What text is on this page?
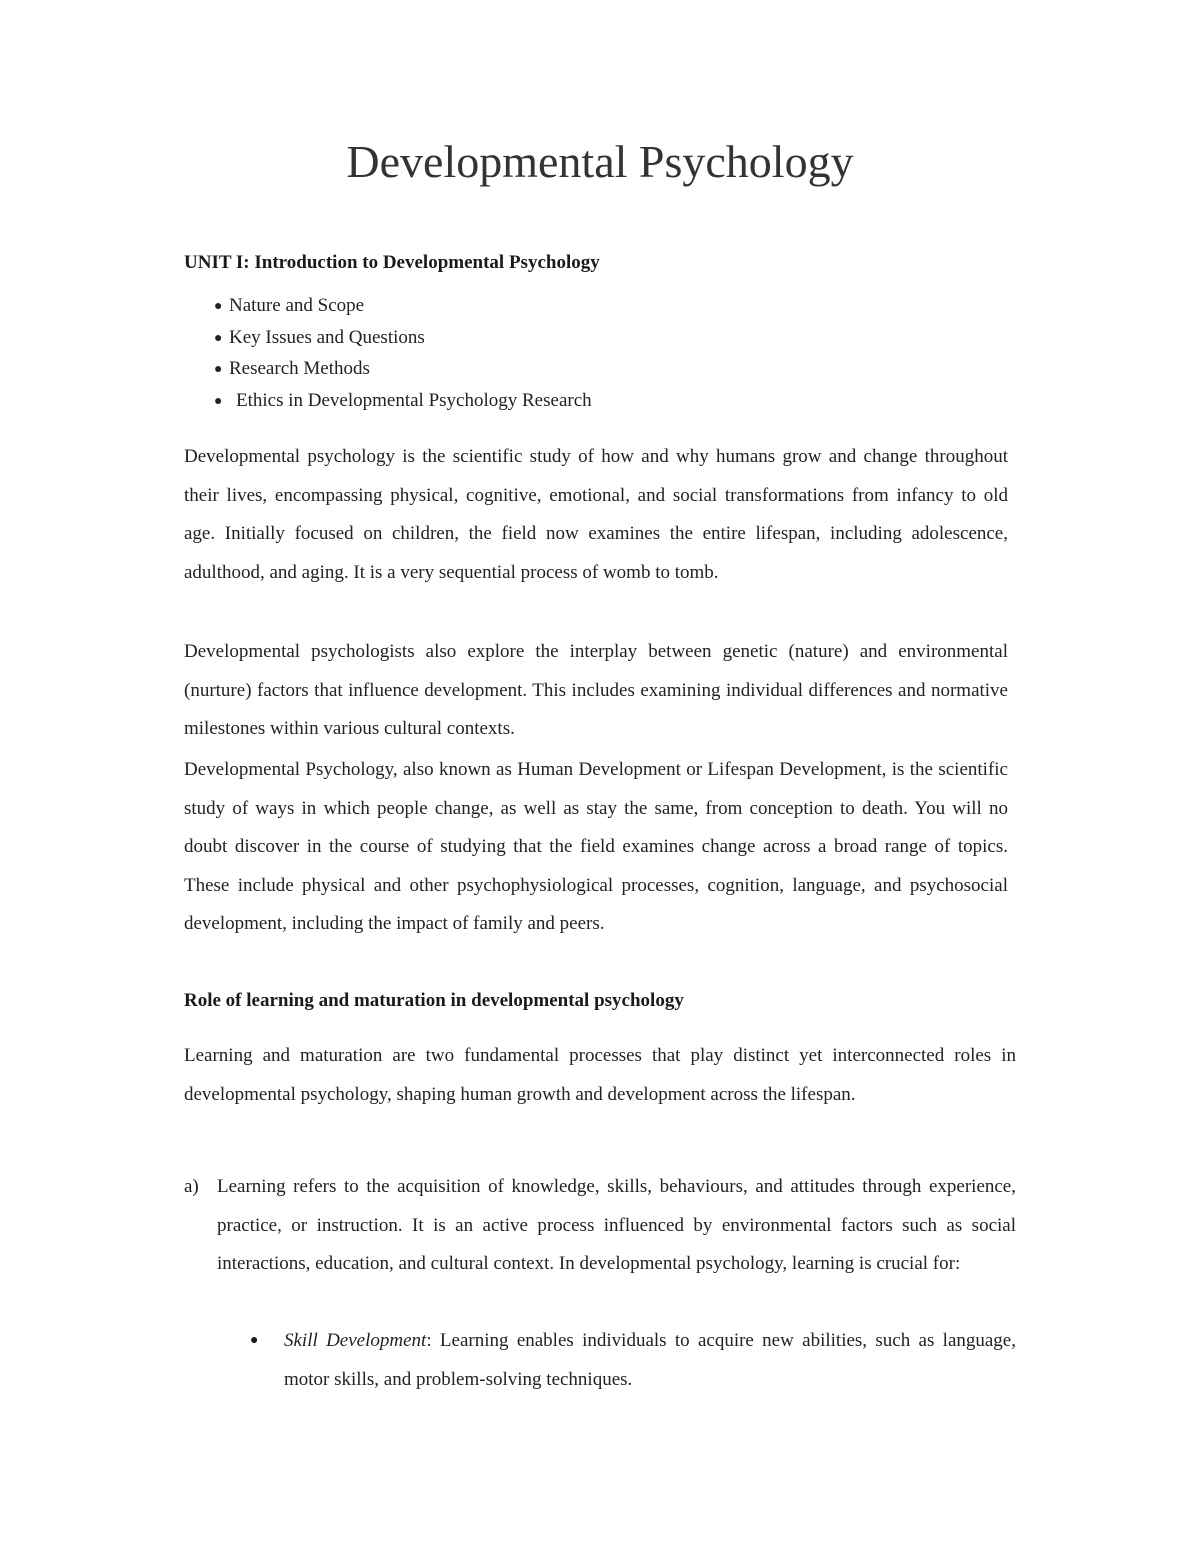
Developmental Psychology
UNIT I: Introduction to Developmental Psychology
● Nature and Scope
● Key Issues and Questions
● Research Methods
● Ethics in Developmental Psychology Research

Developmental psychology is the scientific study of how and why humans grow and change throughout their lives, encompassing physical, cognitive, emotional, and social transformations from infancy to old age. Initially focused on children, the field now examines the entire lifespan, including adolescence, adulthood, and aging. It is a very sequential process of womb to tomb.

Developmental psychologists also explore the interplay between genetic (nature) and environmental (nurture) factors that influence development. This includes examining individual differences and normative milestones within various cultural contexts.

Developmental Psychology, also known as Human Development or Lifespan Development, is the scientific study of ways in which people change, as well as stay the same, from conception to death. You will no doubt discover in the course of studying that the field examines change across a broad range of topics. These include physical and other psychophysiological processes, cognition, language, and psychosocial development, including the impact of family and peers.

Role of learning and maturation in developmental psychology

Learning and maturation are two fundamental processes that play distinct yet interconnected roles in developmental psychology, shaping human growth and development across the lifespan.

a) Learning refers to the acquisition of knowledge, skills, behaviours, and attitudes through experience, practice, or instruction. It is an active process influenced by environmental factors such as social interactions, education, and cultural context. In developmental psychology, learning is crucial for:
● Skill Development: Learning enables individuals to acquire new abilities, such as language, motor skills, and problem-solving techniques.
